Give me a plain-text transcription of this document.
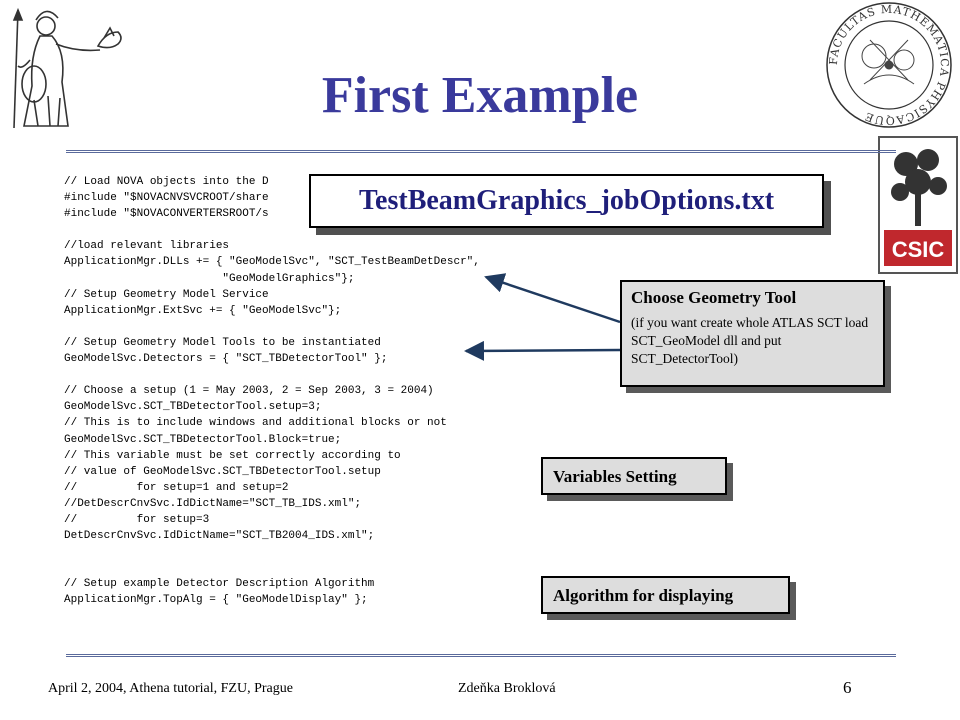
FACULTAS MATHEMATICA PHYSICAQUE
CSIC
First Example
// Load NOVA objects into the D
#include "$NOVACNVSVCROOT/share
#include "$NOVACONVERTERSROOT/s

//load relevant libraries
ApplicationMgr.DLLs += { "GeoModelSvc", "SCT_TestBeamDetDescr",
"GeoModelGraphics"};
// Setup Geometry Model Service
ApplicationMgr.ExtSvc += { "GeoModelSvc"};

// Setup Geometry Model Tools to be instantiated
GeoModelSvc.Detectors = { "SCT_TBDetectorTool" };

// Choose a setup (1 = May 2003, 2 = Sep 2003, 3 = 2004)
GeoModelSvc.SCT_TBDetectorTool.setup=3;
// This is to include windows and additional blocks or not
GeoModelSvc.SCT_TBDetectorTool.Block=true;
// This variable must be set correctly according to
// value of GeoModelSvc.SCT_TBDetectorTool.setup
//         for setup=1 and setup=2
//DetDescrCnvSvc.IdDictName="SCT_TB_IDS.xml";
//         for setup=3
DetDescrCnvSvc.IdDictName="SCT_TB2004_IDS.xml";

// Setup example Detector Description Algorithm
ApplicationMgr.TopAlg = { "GeoModelDisplay" };
TestBeamGraphics_jobOptions.txt
Choose Geometry Tool
(if you want create whole ATLAS SCT load SCT_GeoModel dll and put SCT_DetectorTool)
Variables Setting
Algorithm for displaying
April 2, 2004, Athena tutorial, FZU, Prague	Zdeňka Broklová	6
